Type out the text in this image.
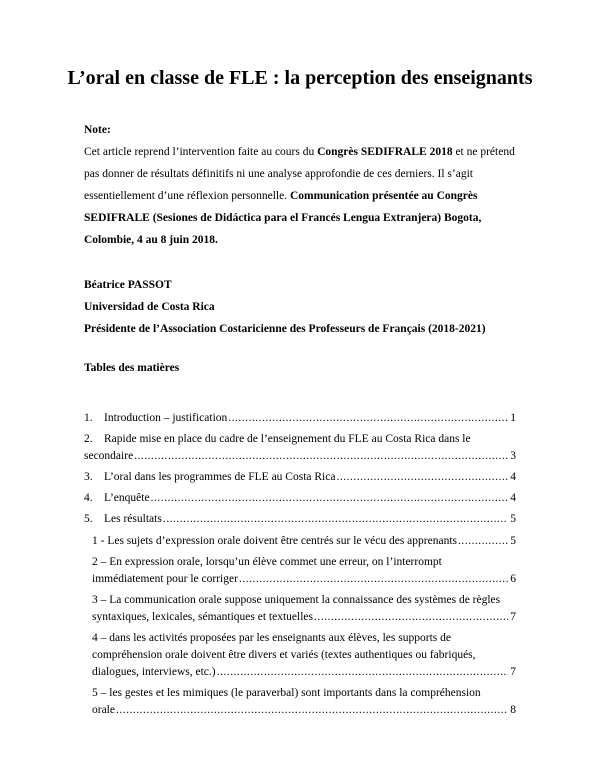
L’oral en classe de FLE : la perception des enseignants
Note:
Cet article reprend l’intervention faite au cours du Congrès SEDIFRALE 2018 et ne prétend
pas donner de résultats définitifs ni une analyse approfondie de ces derniers. Il s’agit
essentiellement d’une réflexion personnelle. Communication présentée au Congrès
SEDIFRALE (Sesiones de Didáctica para el Francés Lengua Extranjera) Bogota,
Colombie, 4 au 8 juin 2018.
Béatrice PASSOT
Universidad de Costa Rica
Présidente de l’Association Costaricienne des Professeurs de Français (2018-2021)
Tables des matières
1. Introduction – justification .....	1
2. Rapide mise en place du cadre de l’enseignement du FLE au Costa Rica dans le
secondaire .....	3
3. L’oral dans les programmes de FLE au Costa Rica .....	4
4. L’enquête .....	4
5. Les résultats .....	5
1 - Les sujets d’expression orale doivent être centrés sur le vécu des apprenants .....	5
2 – En expression orale, lorsqu’un élève commet une erreur, on l’interrompt
immédiatement pour le corriger .....	6
3 – La communication orale suppose uniquement la connaissance des systèmes de règles
syntaxiques, lexicales, sémantiques et textuelles .....	7
4 – dans les activités proposées par les enseignants aux élèves, les supports de
compréhension orale doivent être divers et variés (textes authentiques ou fabriqués,
dialogues, interviews, etc.) .....	7
5 – les gestes et les mimiques (le paraverbal) sont importants dans la compréhension
orale .....	8
